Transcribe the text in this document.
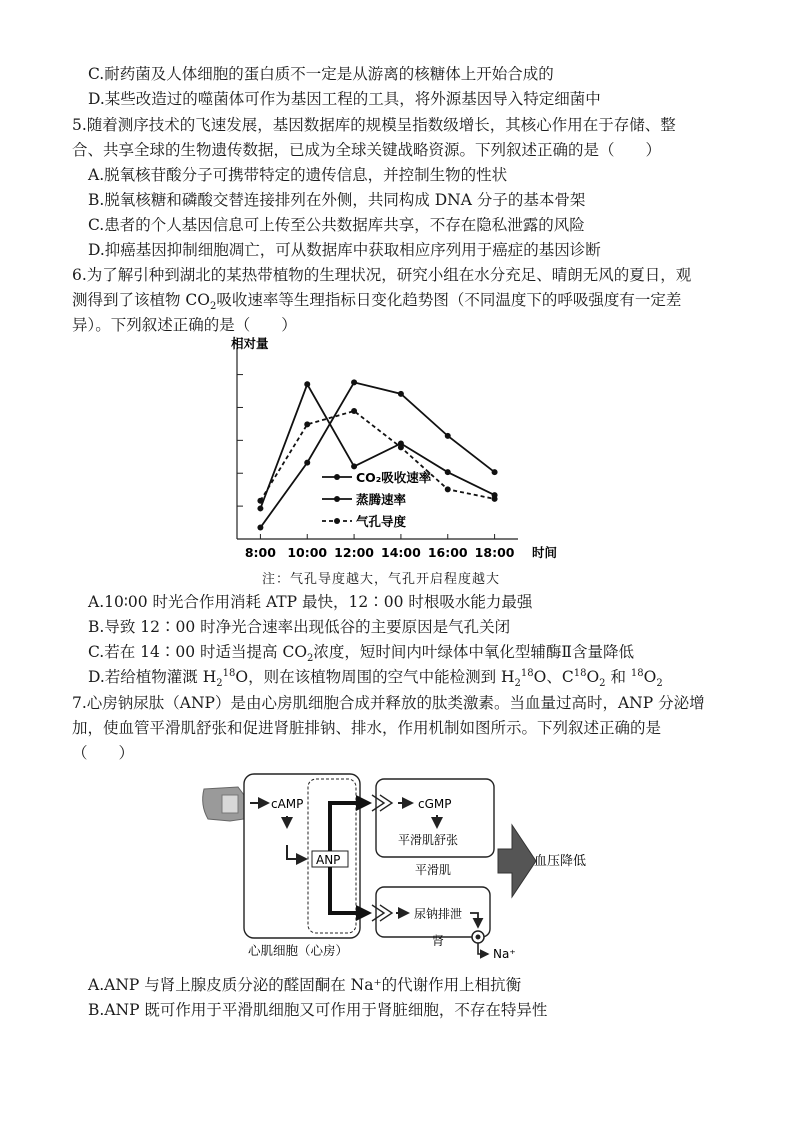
C.耐药菌及人体细胞的蛋白质不一定是从游离的核糖体上开始合成的
D.某些改造过的噬菌体可作为基因工程的工具，将外源基因导入特定细菌中
5.随着测序技术的飞速发展，基因数据库的规模呈指数级增长，其核心作用在于存储、整
合、共享全球的生物遗传数据，已成为全球关键战略资源。下列叙述正确的是（　　）
A.脱氧核苷酸分子可携带特定的遗传信息，并控制生物的性状
B.脱氧核糖和磷酸交替连接排列在外侧，共同构成 DNA 分子的基本骨架
C.患者的个人基因信息可上传至公共数据库共享，不存在隐私泄露的风险
D.抑癌基因抑制细胞凋亡，可从数据库中获取相应序列用于癌症的基因诊断
6.为了解引种到湖北的某热带植物的生理状况，研究小组在水分充足、晴朗无风的夏日，观
测得到了该植物 $CO_2$吸收速率等生理指标日变化趋势图（不同温度下的呼吸强度有一定差
异）。下列叙述正确的是（　　）
相对量
8:00 10:00 12:00 14:00 16:00 18:00 时间
CO₂吸收速率
蒸腾速率
气孔导度
注：气孔导度越大，气孔开启程度越大
A.10∶00 时光合作用消耗 ATP 最快，12∶00 时根吸水能力最强
B.导致 12∶00 时净光合速率出现低谷的主要原因是气孔关闭
C.若在 14∶00 时适当提高 $CO_2$浓度，短时间内叶绿体中氧化型辅酶Ⅱ含量降低
D.若给植物灌溉 $H_2^{18}O$，则在该植物周围的空气中能检测到 $H_2^{18}O$、$C^{18}O_2$ 和 $^{18}O_2$
7.心房钠尿肽（ANP）是由心房肌细胞合成并释放的肽类激素。当血量过高时，ANP 分泌增
加，使血管平滑肌舒张和促进肾脏排钠、排水，作用机制如图所示。下列叙述正确的是
（　　）
cAMP
ANP
cGMP
平滑肌舒张
平滑肌
尿钠排泄
肾
Na⁺
血压降低
心肌细胞（心房）
A.ANP 与肾上腺皮质分泌的醛固酮在 Na⁺的代谢作用上相抗衡
B.ANP 既可作用于平滑肌细胞又可作用于肾脏细胞，不存在特异性
